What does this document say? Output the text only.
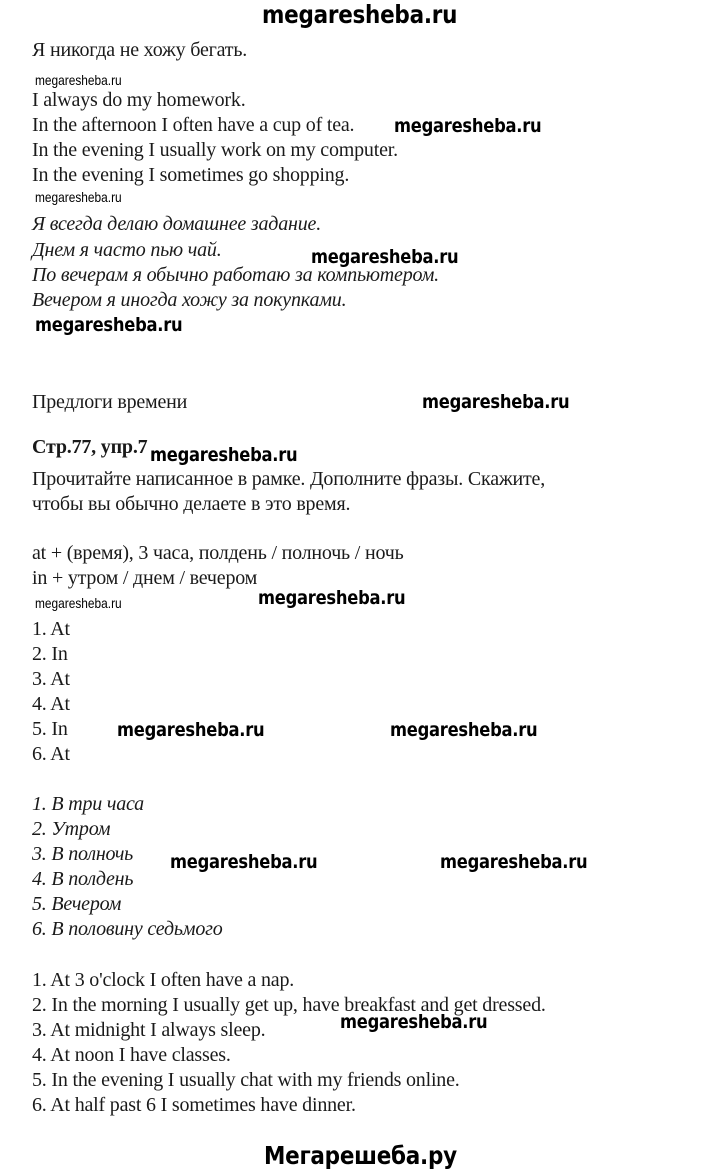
megaresheba.ru
Я никогда не хожу бегать.
megaresheba.ru
I always do my homework.
In the afternoon I often have a cup of tea. megaresheba.ru
In the evening I usually work on my computer.
In the evening I sometimes go shopping.
megaresheba.ru
Я всегда делаю домашнее задание.
Днем я часто пью чай.	megaresheba.ru
По вечерам я обычно работаю за компьютером.
Вечером я иногда хожу за покупками.
megaresheba.ru
Предлоги времени	megaresheba.ru
Стр.77, упр.7 megaresheba.ru
Прочитайте написанное в рамке. Дополните фразы. Скажите,
чтобы вы обычно делаете в это время.
at + (время), 3 часа, полдень / полночь / ночь
in + утром / днем / вечером
megaresheba.ru	megaresheba.ru
1. At
2. In
3. At
4. At
5. In
6. At
megaresheba.ru	megaresheba.ru
1. В три часа
2. Утром
3. В полночь
4. В полдень
5. Вечером
6. В половину седьмого
megaresheba.ru	megaresheba.ru
1. At 3 o'clock I often have a nap.
2. In the morning I usually get up, have breakfast and get dressed.
3. At midnight I always sleep.
4. At noon I have classes.
5. In the evening I usually chat with my friends online.
6. At half past 6 I sometimes have dinner.
megaresheba.ru
Мегарешеба.ру
